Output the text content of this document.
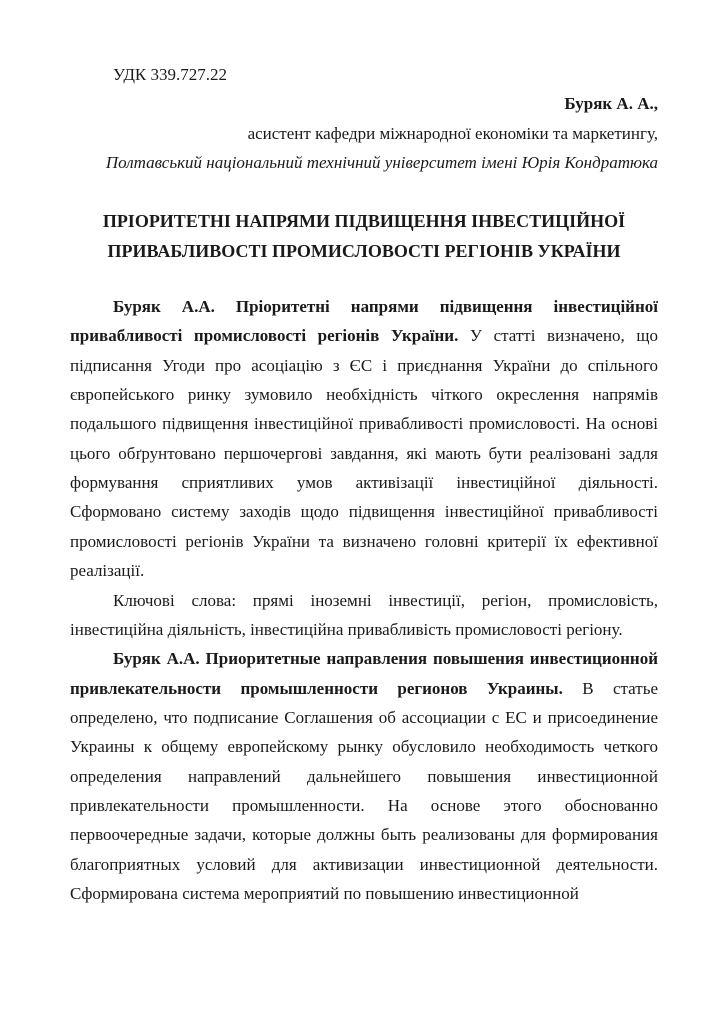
УДК 339.727.22

Буряк А. А.,

асистент кафедри міжнародної економіки та маркетингу,

Полтавський національний технічний університет імені Юрія Кондратюка

ПРІОРИТЕТНІ НАПРЯМИ ПІДВИЩЕННЯ ІНВЕСТИЦІЙНОЇ ПРИВАБЛИВОСТІ ПРОМИСЛОВОСТІ РЕГІОНІВ УКРАЇНИ

Буряк А.А. Пріоритетні напрями підвищення інвестиційної привабливості промисловості регіонів України. У статті визначено, що підписання Угоди про асоціацію з ЄС і приєднання України до спільного європейського ринку зумовило необхідність чіткого окреслення напрямів подальшого підвищення інвестиційної привабливості промисловості. На основі цього обґрунтовано першочергові завдання, які мають бути реалізовані задля формування сприятливих умов активізації інвестиційної діяльності. Сформовано систему заходів щодо підвищення інвестиційної привабливості промисловості регіонів України та визначено головні критерії їх ефективної реалізації.

Ключові слова: прямі іноземні інвестиції, регіон, промисловість, інвестиційна діяльність, інвестиційна привабливість промисловості регіону.

Буряк А.А. Приоритетные направления повышения инвестиционной привлекательности промышленности регионов Украины. В статье определено, что подписание Соглашения об ассоциации с ЕС и присоединение Украины к общему европейскому рынку обусловило необходимость четкого определения направлений дальнейшего повышения инвестиционной привлекательности промышленности. На основе этого обоснованно первоочередные задачи, которые должны быть реализованы для формирования благоприятных условий для активизации инвестиционной деятельности. Сформирована система мероприятий по повышению инвестиционной
